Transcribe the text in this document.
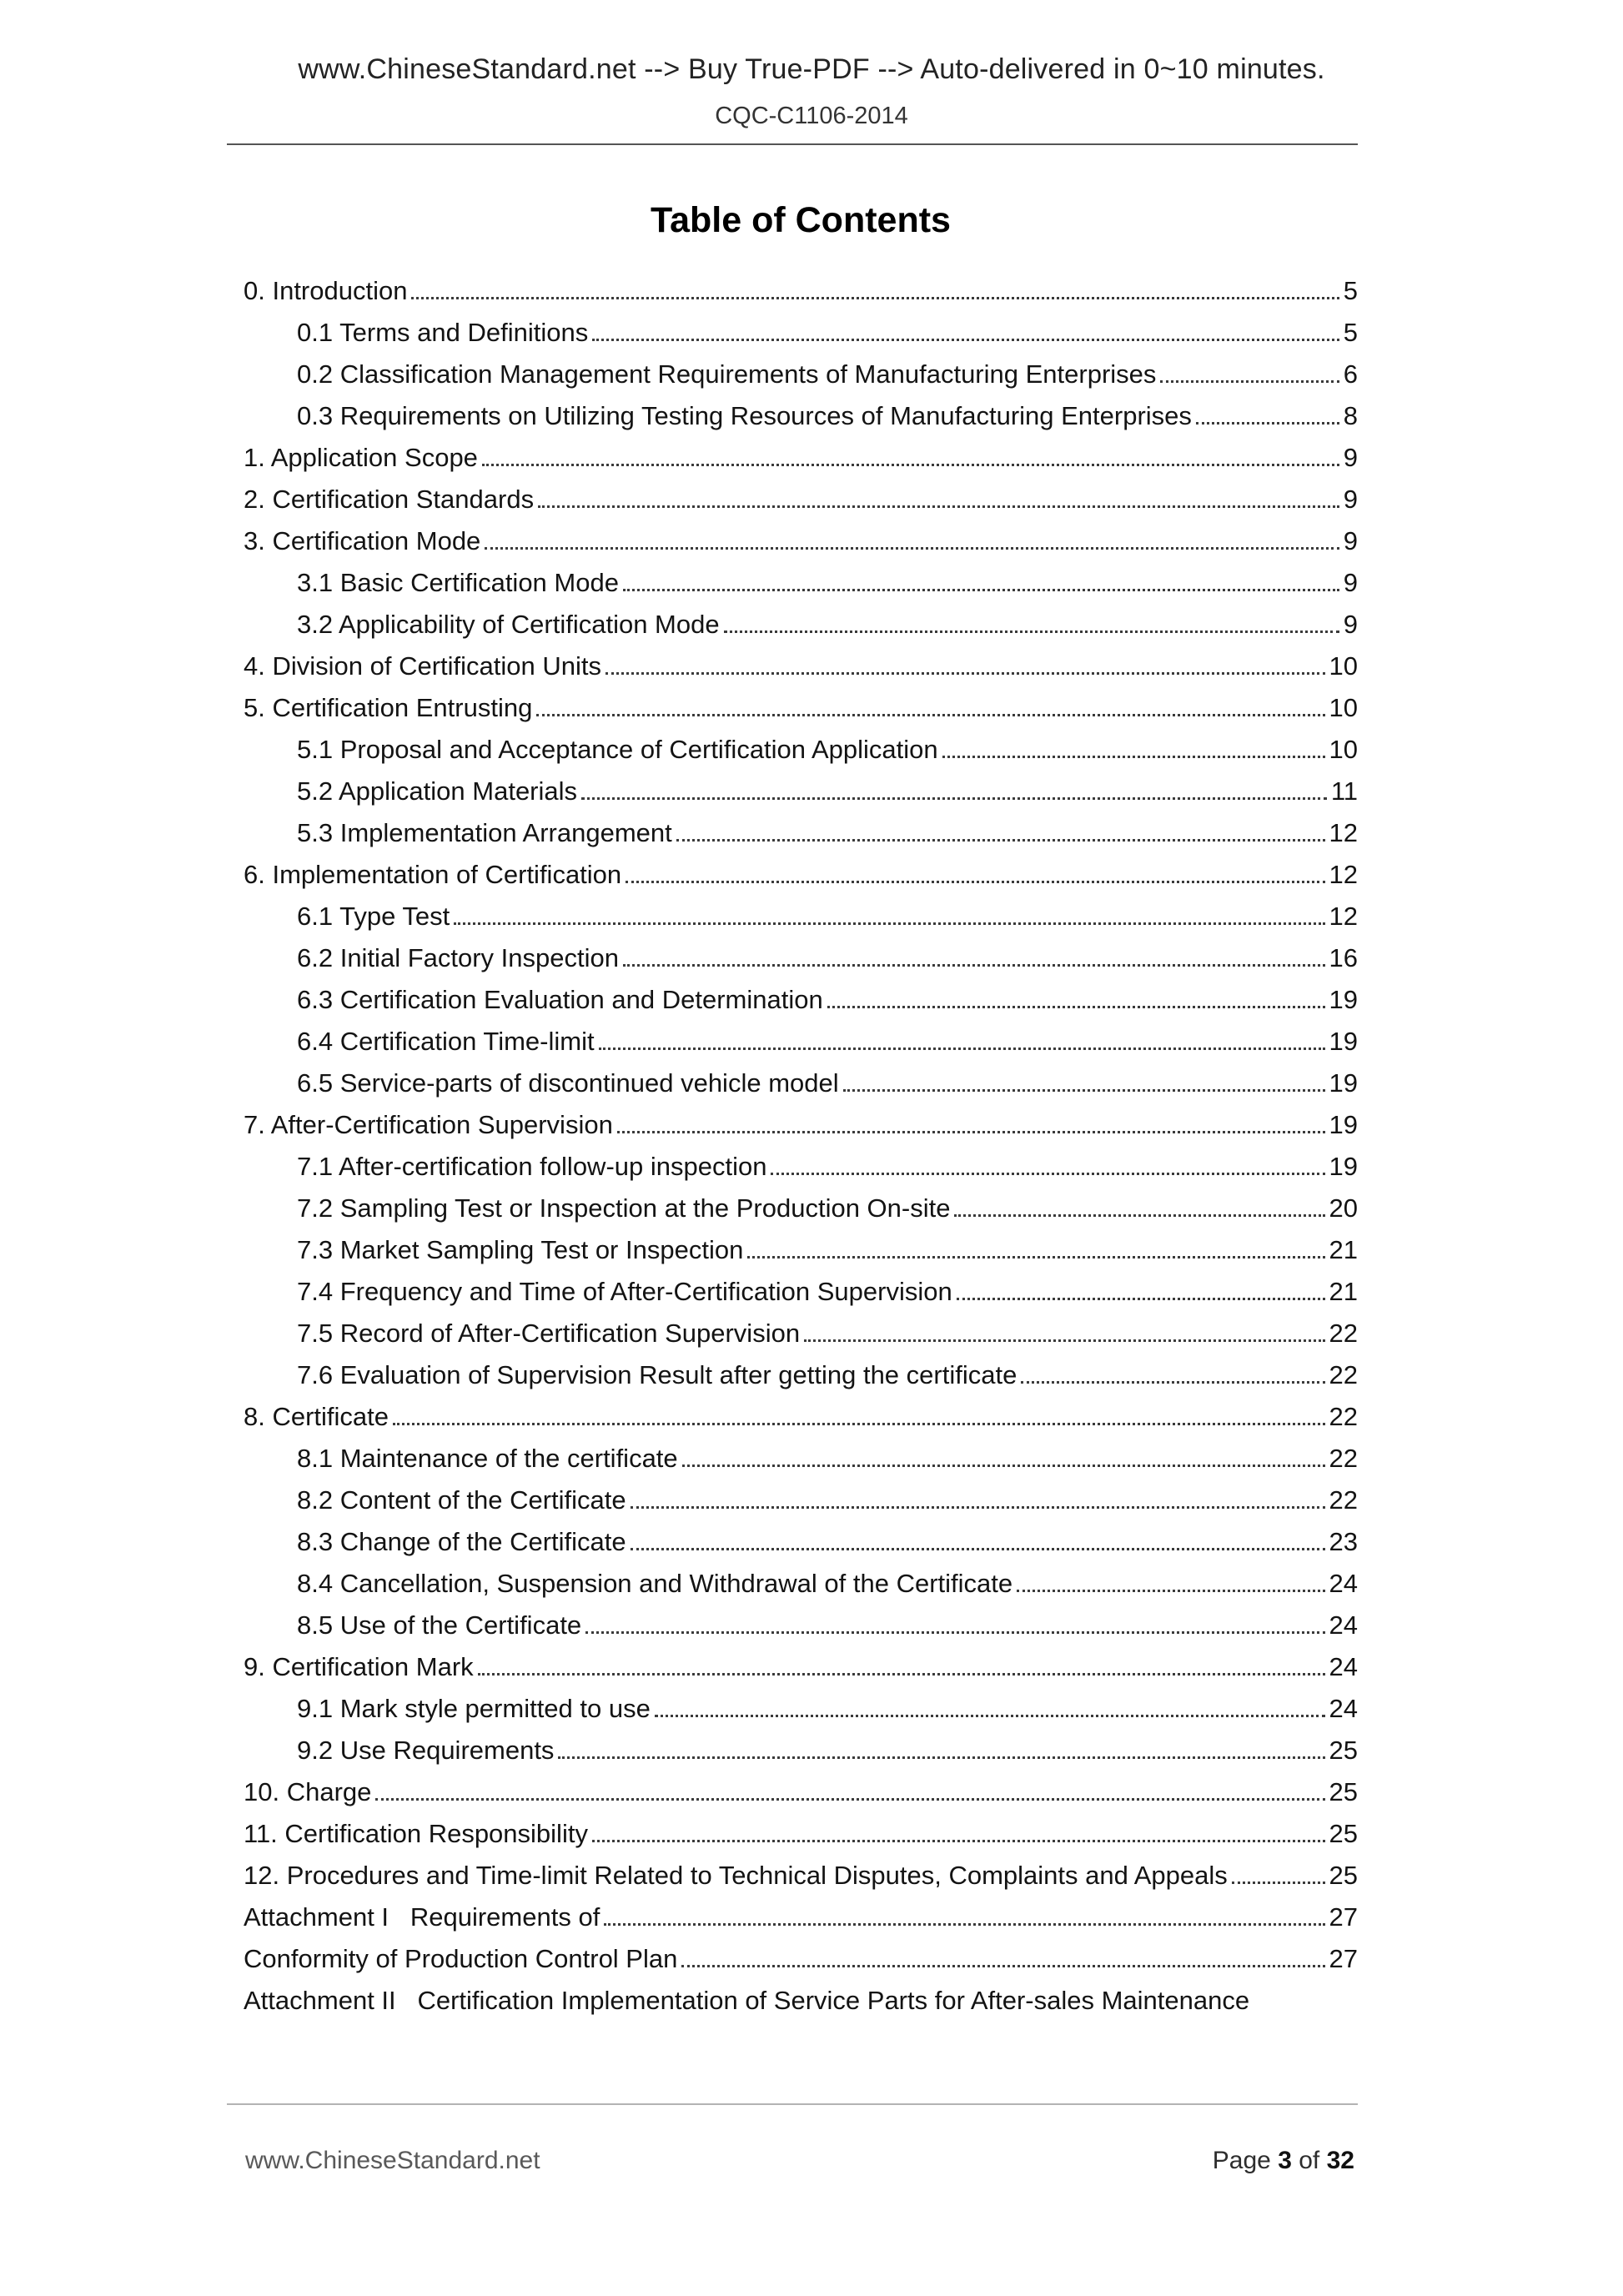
www.ChineseStandard.net --> Buy True-PDF --> Auto-delivered in 0~10 minutes.
CQC-C1106-2014
Table of Contents
0. Introduction	5
0.1 Terms and Definitions	5
0.2 Classification Management Requirements of Manufacturing Enterprises	6
0.3 Requirements on Utilizing Testing Resources of Manufacturing Enterprises	8
1. Application Scope	9
2. Certification Standards	9
3. Certification Mode	9
3.1 Basic Certification Mode	9
3.2 Applicability of Certification Mode	9
4. Division of Certification Units	10
5. Certification Entrusting	10
5.1 Proposal and Acceptance of Certification Application	10
5.2 Application Materials	11
5.3 Implementation Arrangement	12
6. Implementation of Certification	12
6.1 Type Test	12
6.2 Initial Factory Inspection	16
6.3 Certification Evaluation and Determination	19
6.4 Certification Time-limit	19
6.5 Service-parts of discontinued vehicle model	19
7. After-Certification Supervision	19
7.1 After-certification follow-up inspection	19
7.2 Sampling Test or Inspection at the Production On-site	20
7.3 Market Sampling Test or Inspection	21
7.4 Frequency and Time of After-Certification Supervision	21
7.5 Record of After-Certification Supervision	22
7.6 Evaluation of Supervision Result after getting the certificate	22
8. Certificate	22
8.1 Maintenance of the certificate	22
8.2 Content of the Certificate	22
8.3 Change of the Certificate	23
8.4 Cancellation, Suspension and Withdrawal of the Certificate	24
8.5 Use of the Certificate	24
9. Certification Mark	24
9.1 Mark style permitted to use	24
9.2 Use Requirements	25
10. Charge	25
11. Certification Responsibility	25
12. Procedures and Time-limit Related to Technical Disputes, Complaints and Appeals	25
Attachment I   Requirements of	27
Conformity of Production Control Plan	27
Attachment II   Certification Implementation of Service Parts for After-sales Maintenance
www.ChineseStandard.net	Page 3 of 32
